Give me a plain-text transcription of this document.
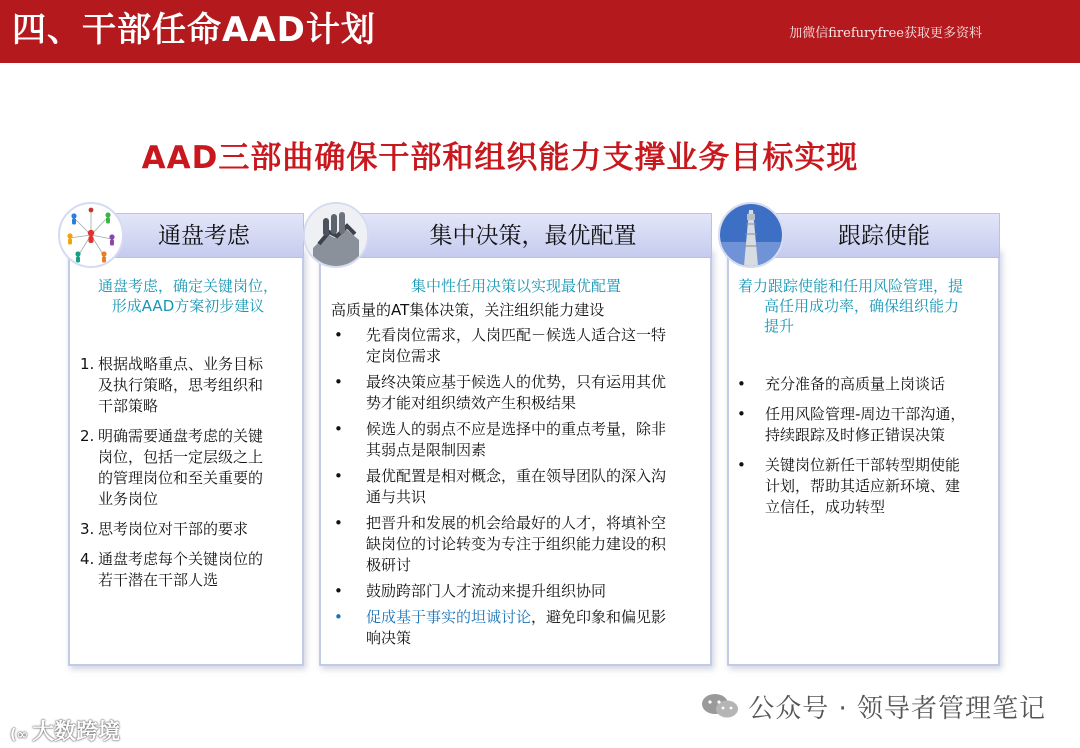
四、干部任命AAD计划	加微信firefuryfree获取更多资料
AAD三部曲确保干部和组织能力支撑业务目标实现
通盘考虑
通盘考虑，确定关键岗位，
形成AAD方案初步建议
1. 根据战略重点、业务目标
及执行策略，思考组织和
干部策略
2. 明确需要通盘考虑的关键
岗位，包括一定层级之上
的管理岗位和至关重要的
业务岗位
3. 思考岗位对干部的要求
4. 通盘考虑每个关键岗位的
若干潜在干部人选
集中决策，最优配置
集中性任用决策以实现最优配置
高质量的AT集体决策，关注组织能力建设
• 先看岗位需求，人岗匹配－候选人适合这一特
定岗位需求
• 最终决策应基于候选人的优势，只有运用其优
势才能对组织绩效产生积极结果
• 候选人的弱点不应是选择中的重点考量，除非
其弱点是限制因素
• 最优配置是相对概念，重在领导团队的深入沟
通与共识
• 把晋升和发展的机会给最好的人才，将填补空
缺岗位的讨论转变为专注于组织能力建设的积
极研讨
• 鼓励跨部门人才流动来提升组织协同
• 促成基于事实的坦诚讨论，避免印象和偏见影
响决策
跟踪使能
着力跟踪使能和任用风险管理，提
高任用成功率，确保组织能力
提升
• 充分准备的高质量上岗谈话
• 任用风险管理-周边干部沟通，
持续跟踪及时修正错误决策
• 关键岗位新任干部转型期使能
计划，帮助其适应新环境、建
立信任，成功转型
公众号 · 领导者管理笔记
(∞ 大数跨境
